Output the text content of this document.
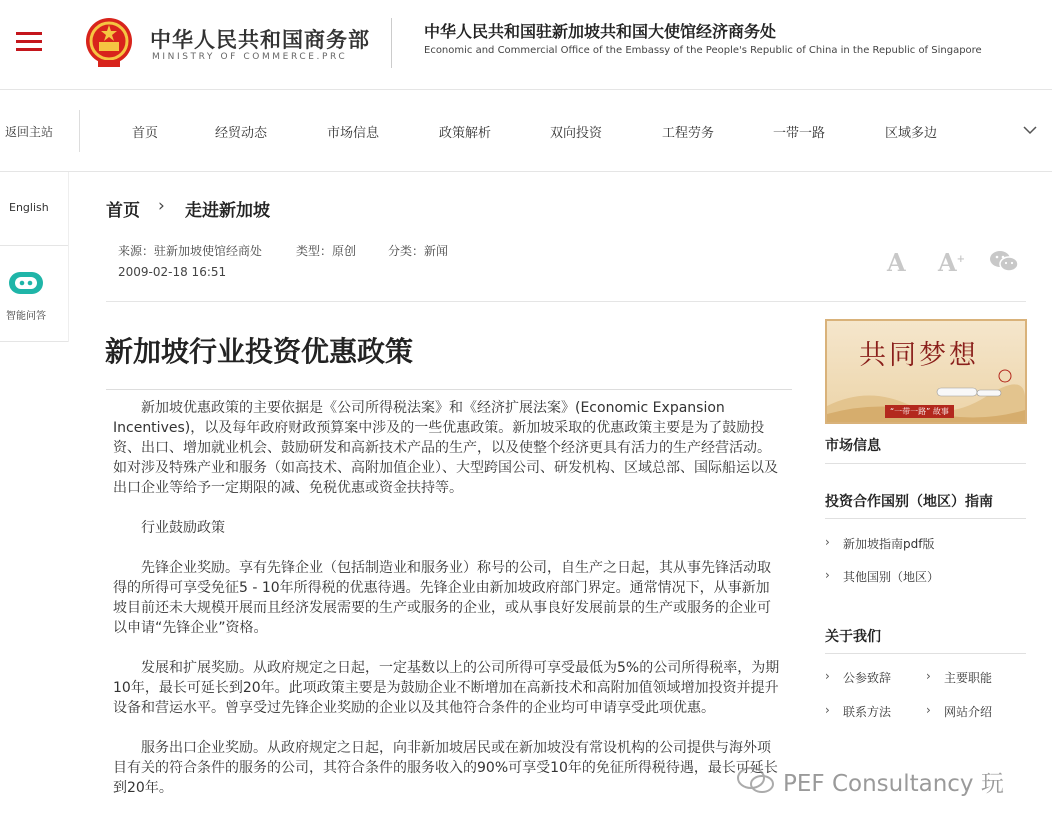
中华人民共和国商务部
MINISTRY OF COMMERCE.PRC
中华人民共和国驻新加坡共和国大使馆经济商务处
Economic and Commercial Office of the Embassy of the People's Republic of China in the Republic of Singapore
返回主站	首页	经贸动态	市场信息	政策解析	双向投资	工程劳务	一带一路	区域多边
English
智能问答
首页 › 走进新加坡
来源：驻新加坡使馆经商处	类型：原创	分类：新闻
2009-02-18 16:51	A A+
新加坡行业投资优惠政策

新加坡优惠政策的主要依据是《公司所得税法案》和《经济扩展法案》(Economic Expansion Incentives)，以及每年政府财政预算案中涉及的一些优惠政策。新加坡采取的优惠政策主要是为了鼓励投资、出口、增加就业机会、鼓励研发和高新技术产品的生产，以及使整个经济更具有活力的生产经营活动。如对涉及特殊产业和服务（如高技术、高附加值企业）、大型跨国公司、研发机构、区域总部、国际船运以及出口企业等给予一定期限的减、免税优惠或资金扶持等。

行业鼓励政策

先锋企业奖励。享有先锋企业（包括制造业和服务业）称号的公司，自生产之日起，其从事先锋活动取得的所得可享受免征5 - 10年所得税的优惠待遇。先锋企业由新加坡政府部门界定。通常情况下，从事新加坡目前还未大规模开展而且经济发展需要的生产或服务的企业，或从事良好发展前景的生产或服务的企业可以申请“先锋企业”资格。

发展和扩展奖励。从政府规定之日起，一定基数以上的公司所得可享受最低为5%的公司所得税率，为期10年，最长可延长到20年。此项政策主要是为鼓励企业不断增加在高新技术和高附加值领域增加投资并提升设备和营运水平。曾享受过先锋企业奖励的企业以及其他符合条件的企业均可申请享受此项优惠。

服务出口企业奖励。从政府规定之日起，向非新加坡居民或在新加坡没有常设机构的公司提供与海外项目有关的符合条件的服务的公司，其符合条件的服务收入的90%可享受10年的免征所得税待遇，最长可延长到20年。

共同梦想
“一带一路” 故事
市场信息
投资合作国别（地区）指南
› 新加坡指南pdf版
› 其他国别（地区）
关于我们
› 公参致辞	› 主要职能
› 联系方法	› 网站介绍
PEF Consultancy 玩
